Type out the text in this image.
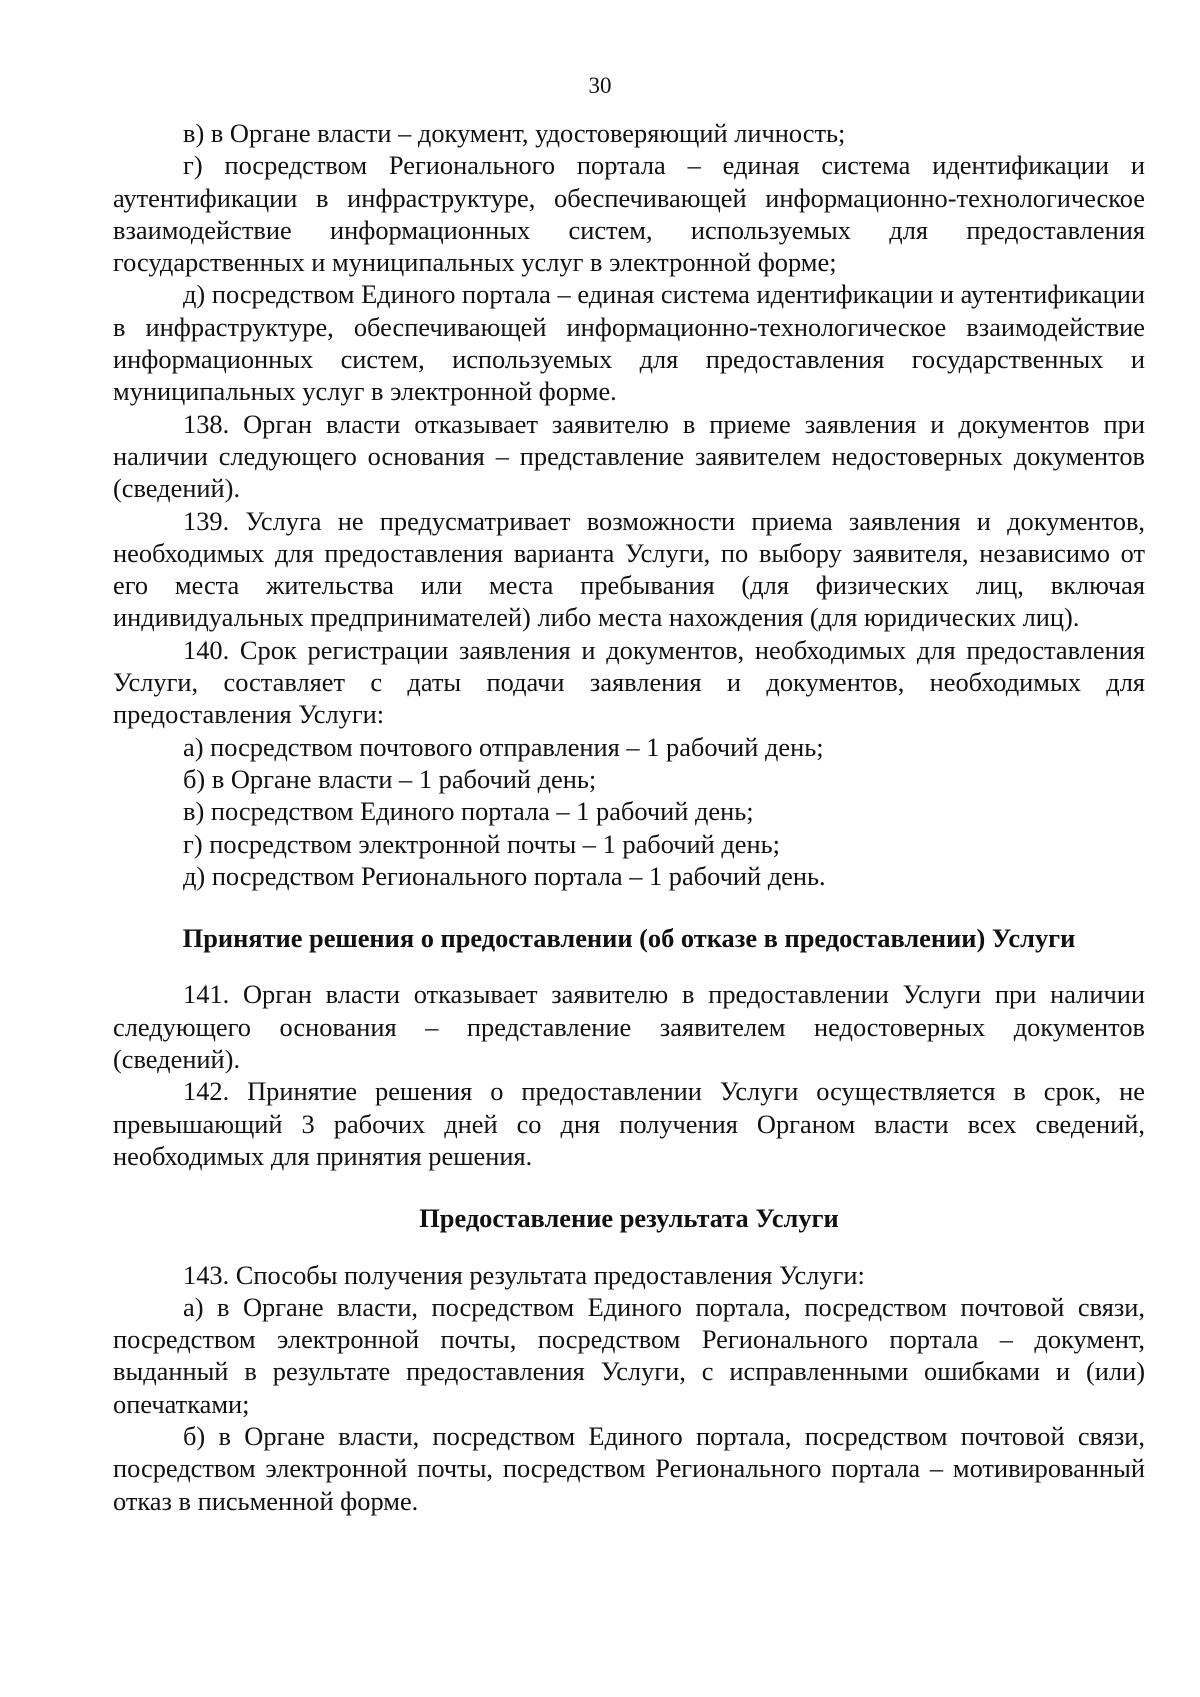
30

в) в Органе власти – документ, удостоверяющий личность;

г) посредством Регионального портала – единая система идентификации и аутентификации в инфраструктуре, обеспечивающей информационно-технологическое взаимодействие информационных систем, используемых для предоставления государственных и муниципальных услуг в электронной форме;

д) посредством Единого портала – единая система идентификации и аутентификации в инфраструктуре, обеспечивающей информационно-технологическое взаимодействие информационных систем, используемых для предоставления государственных и муниципальных услуг в электронной форме.

138. Орган власти отказывает заявителю в приеме заявления и документов при наличии следующего основания – представление заявителем недостоверных документов (сведений).

139. Услуга не предусматривает возможности приема заявления и документов, необходимых для предоставления варианта Услуги, по выбору заявителя, независимо от его места жительства или места пребывания (для физических лиц, включая индивидуальных предпринимателей) либо места нахождения (для юридических лиц).

140. Срок регистрации заявления и документов, необходимых для предоставления Услуги, составляет с даты подачи заявления и документов, необходимых для предоставления Услуги:

а) посредством почтового отправления – 1 рабочий день;

б) в Органе власти – 1 рабочий день;

в) посредством Единого портала – 1 рабочий день;

г) посредством электронной почты – 1 рабочий день;

д) посредством Регионального портала – 1 рабочий день.

Принятие решения о предоставлении (об отказе в предоставлении) Услуги

141. Орган власти отказывает заявителю в предоставлении Услуги при наличии следующего основания – представление заявителем недостоверных документов (сведений).

142. Принятие решения о предоставлении Услуги осуществляется в срок, не превышающий 3 рабочих дней со дня получения Органом власти всех сведений, необходимых для принятия решения.

Предоставление результата Услуги

143. Способы получения результата предоставления Услуги:

а) в Органе власти, посредством Единого портала, посредством почтовой связи, посредством электронной почты, посредством Регионального портала – документ, выданный в результате предоставления Услуги, с исправленными ошибками и (или) опечатками;

б) в Органе власти, посредством Единого портала, посредством почтовой связи, посредством электронной почты, посредством Регионального портала – мотивированный отказ в письменной форме.
